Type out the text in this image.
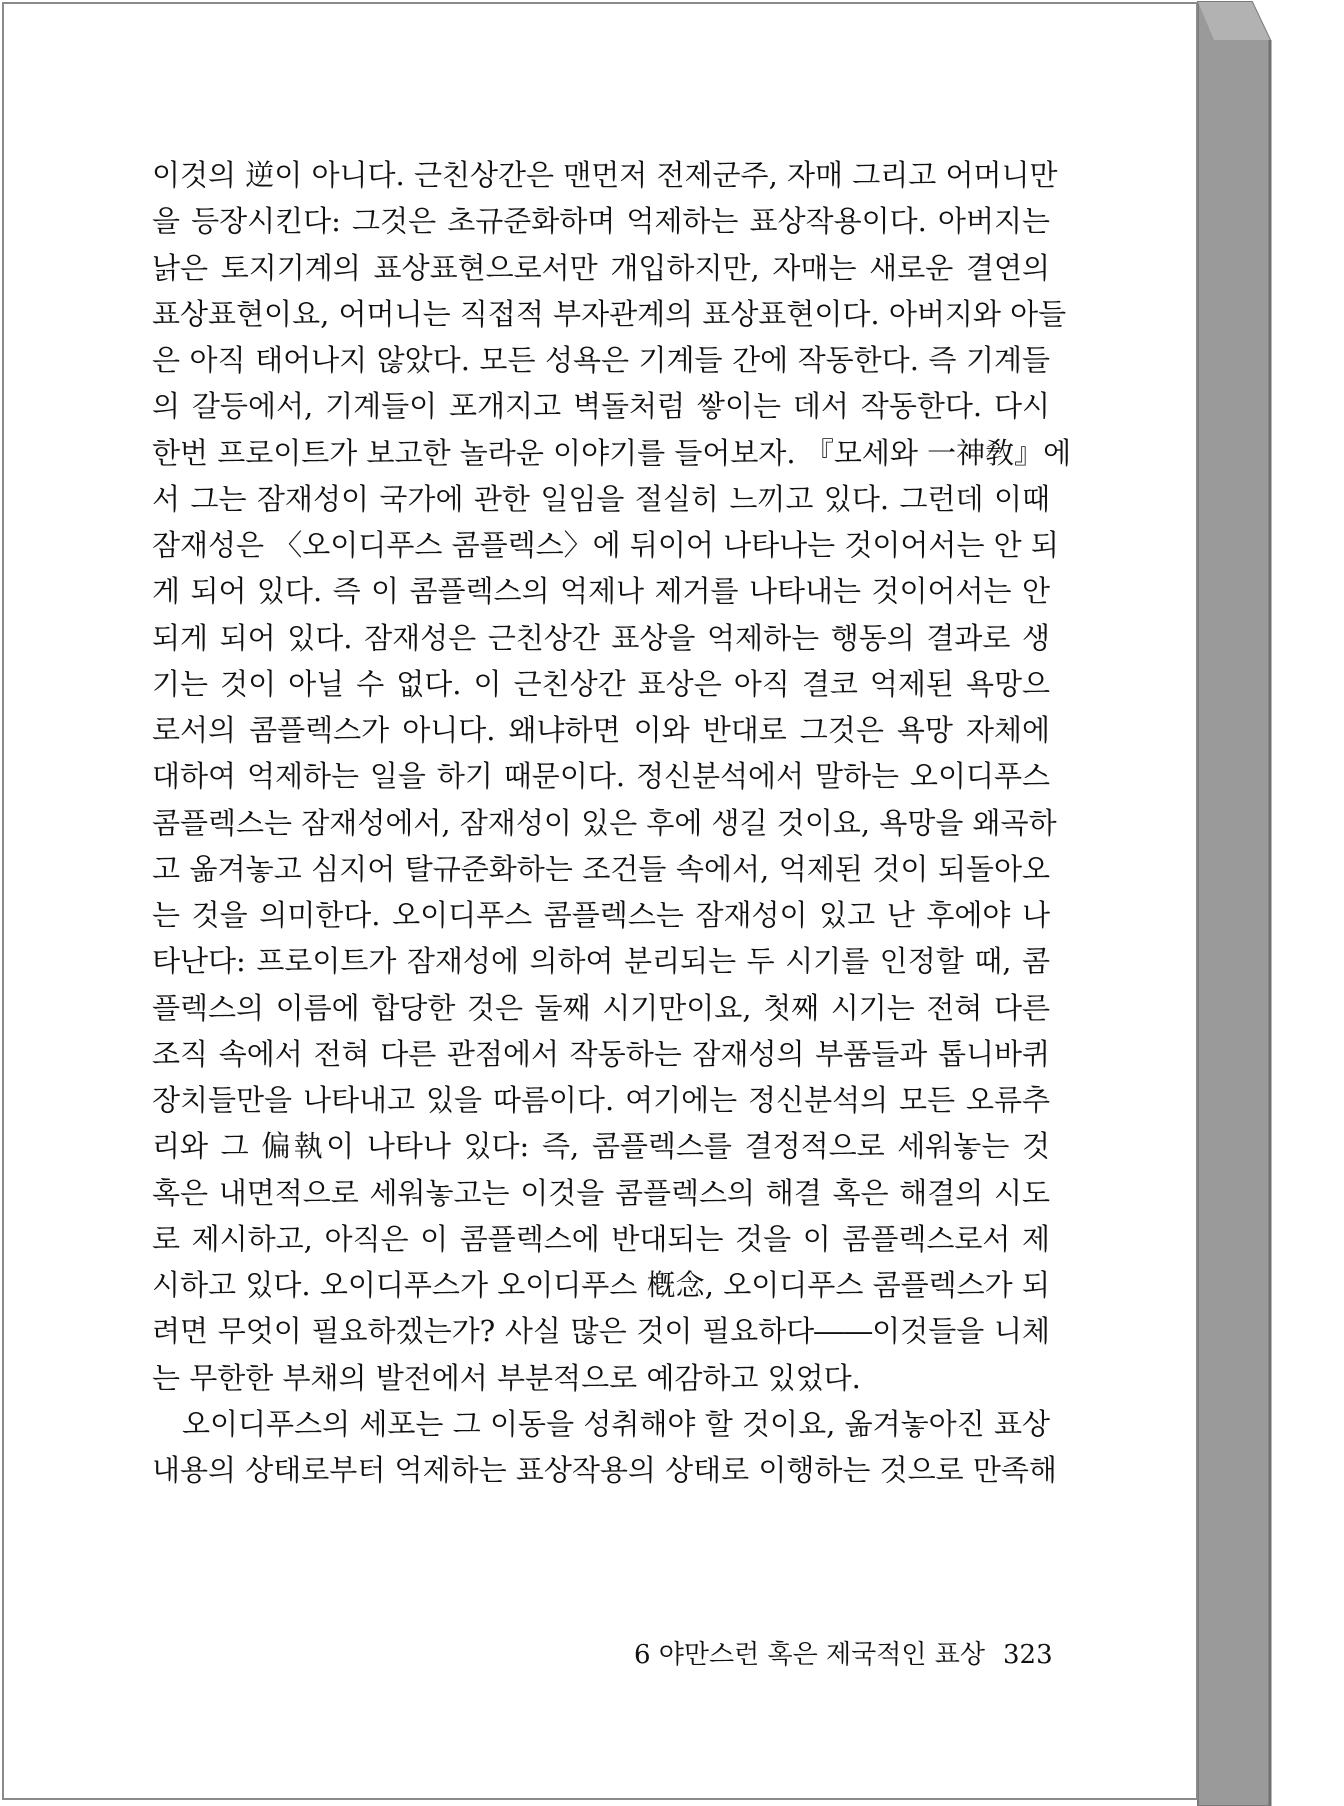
이것의 逆이 아니다. 근친상간은 맨먼저 전제군주, 자매 그리고 어머니만
을 등장시킨다: 그것은 초규준화하며 억제하는 표상작용이다. 아버지는
낡은 토지기계의 표상표현으로서만 개입하지만, 자매는 새로운 결연의
표상표현이요, 어머니는 직접적 부자관계의 표상표현이다. 아버지와 아들
은 아직 태어나지 않았다. 모든 성욕은 기계들 간에 작동한다. 즉 기계들
의 갈등에서, 기계들이 포개지고 벽돌처럼 쌓이는 데서 작동한다. 다시
한번 프로이트가 보고한 놀라운 이야기를 들어보자. 『모세와 一神敎』에
서 그는 잠재성이 국가에 관한 일임을 절실히 느끼고 있다. 그런데 이때
잠재성은 〈오이디푸스 콤플렉스〉에 뒤이어 나타나는 것이어서는 안 되
게 되어 있다. 즉 이 콤플렉스의 억제나 제거를 나타내는 것이어서는 안
되게 되어 있다. 잠재성은 근친상간 표상을 억제하는 행동의 결과로 생
기는 것이 아닐 수 없다. 이 근친상간 표상은 아직 결코 억제된 욕망으
로서의 콤플렉스가 아니다. 왜냐하면 이와 반대로 그것은 욕망 자체에
대하여 억제하는 일을 하기 때문이다. 정신분석에서 말하는 오이디푸스
콤플렉스는 잠재성에서, 잠재성이 있은 후에 생길 것이요, 욕망을 왜곡하
고 옮겨놓고 심지어 탈규준화하는 조건들 속에서, 억제된 것이 되돌아오
는 것을 의미한다. 오이디푸스 콤플렉스는 잠재성이 있고 난 후에야 나
타난다: 프로이트가 잠재성에 의하여 분리되는 두 시기를 인정할 때, 콤
플렉스의 이름에 합당한 것은 둘째 시기만이요, 첫째 시기는 전혀 다른
조직 속에서 전혀 다른 관점에서 작동하는 잠재성의 부품들과 톱니바퀴
장치들만을 나타내고 있을 따름이다. 여기에는 정신분석의 모든 오류추
리와 그 偏執이 나타나 있다: 즉, 콤플렉스를 결정적으로 세워놓는 것
혹은 내면적으로 세워놓고는 이것을 콤플렉스의 해결 혹은 해결의 시도
로 제시하고, 아직은 이 콤플렉스에 반대되는 것을 이 콤플렉스로서 제
시하고 있다. 오이디푸스가 오이디푸스 槪念, 오이디푸스 콤플렉스가 되
려면 무엇이 필요하겠는가? 사실 많은 것이 필요하다――이것들을 니체
는 무한한 부채의 발전에서 부분적으로 예감하고 있었다.
오이디푸스의 세포는 그 이동을 성취해야 할 것이요, 옮겨놓아진 표상
내용의 상태로부터 억제하는 표상작용의 상태로 이행하는 것으로 만족해
6 야만스런 혹은 제국적인 표상 323
